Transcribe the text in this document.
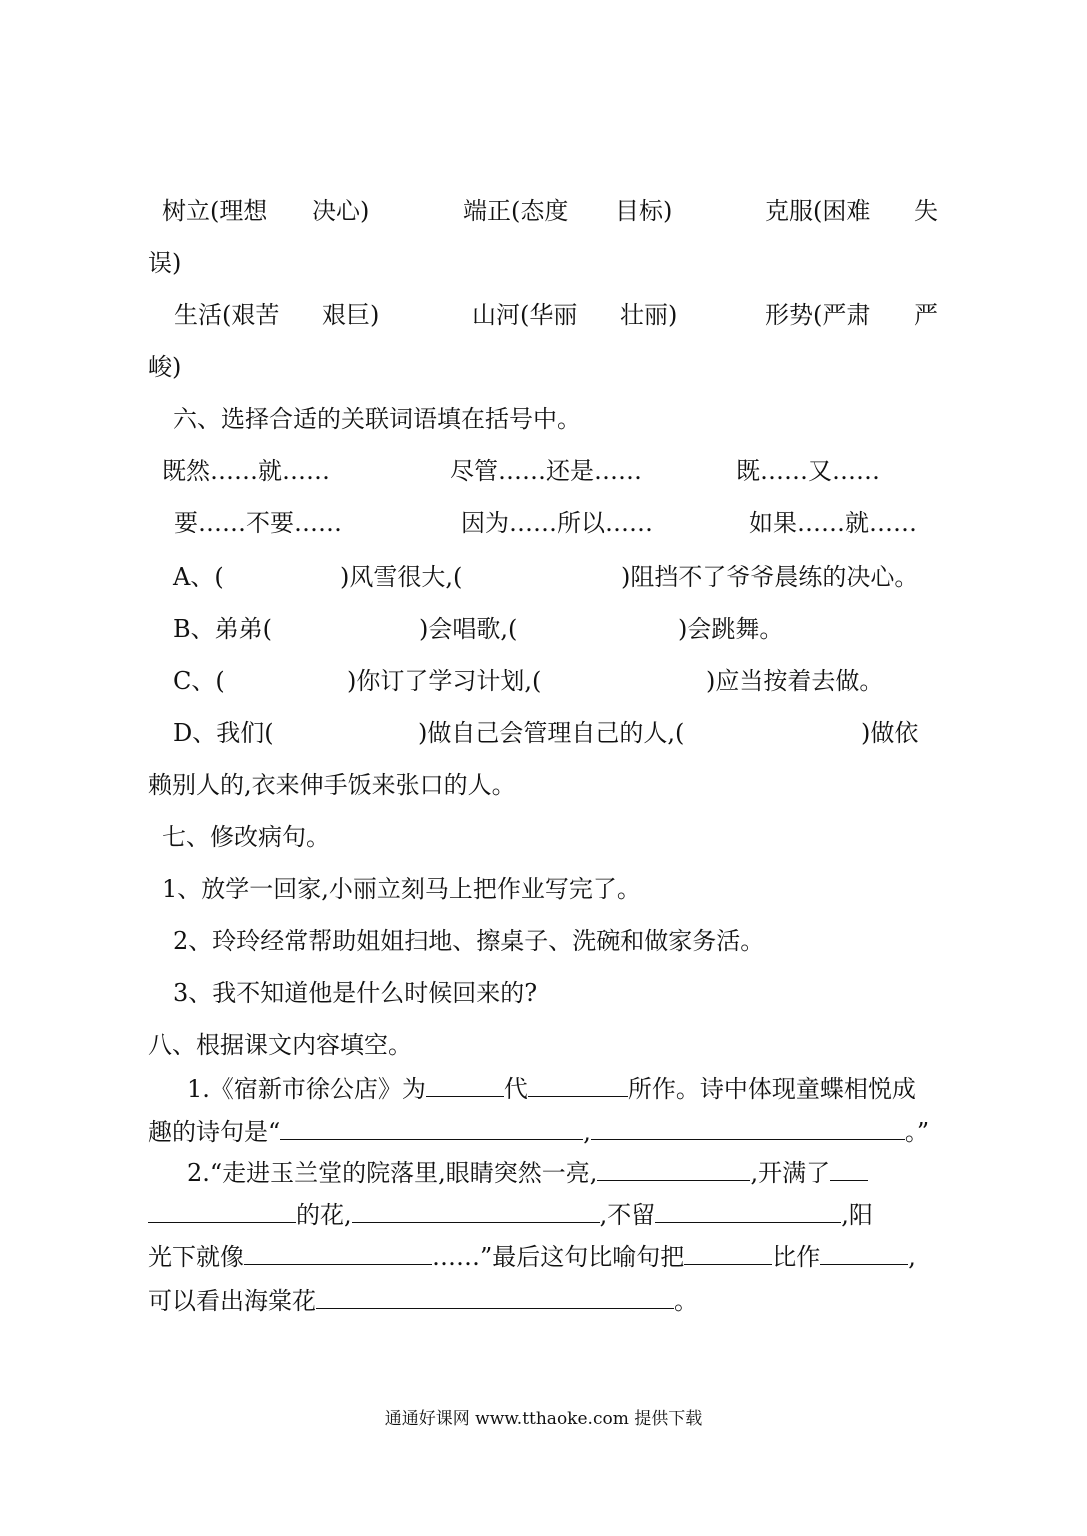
树立(理想 决心)	端正(态度 目标)	克服(困难 失
误)
生活(艰苦 艰巨)	山河(华丽 壮丽)	形势(严肃 严
峻)
六、选择合适的关联词语填在括号中。
既然……就……	尽管……还是……	既……又……
要……不要……	因为……所以……	如果……就……
A、(	)风雪很大,(	)阻挡不了爷爷晨练的决心。
B、弟弟(	)会唱歌,(	)会跳舞。
C、(	)你订了学习计划,(	)应当按着去做。
D、我们(	)做自己会管理自己的人,(	)做依
赖别人的,衣来伸手饭来张口的人。
七、修改病句。
1、放学一回家,小丽立刻马上把作业写完了。
2、玲玲经常帮助姐姐扫地、擦桌子、洗碗和做家务活。
3、我不知道他是什么时候回来的?
八、根据课文内容填空。
1.《宿新市徐公店》为	代	所作。诗中体现童蝶相悦成
趣的诗句是“	,	。”
2.“走进玉兰堂的院落里,眼睛突然一亮,	,开满了
的花,	,不留	,阳
光下就像	……”最后这句比喻句把	比作	,
可以看出海棠花	。
通通好课网 www.tthaoke.com 提供下载
